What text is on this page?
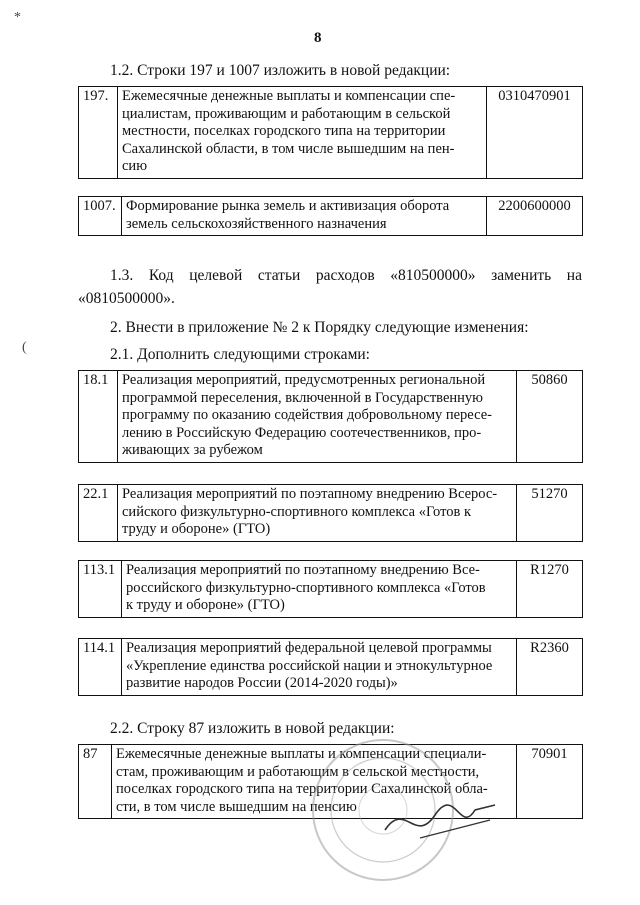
*
(
8
1.2. Строки 197 и 1007 изложить в новой редакции:
197.	Ежемесячные денежные выплаты и компенсации спе-
циалистам, проживающим и работающим в сельской
местности, поселках городского типа на территории
Сахалинской области, в том числе вышедшим на пен-
сию
	0310470901
1007.	Формирование рынка земель и активизация оборота
земель сельскохозяйственного назначения
	2200600000
1.3. Код целевой статьи расходов «810500000» заменить на
«0810500000».
2. Внести в приложение № 2 к Порядку следующие изменения:
2.1. Дополнить следующими строками:
18.1	Реализация мероприятий, предусмотренных региональной
программой переселения, включенной в Государственную
программу по оказанию содействия добровольному пересе-
лению в Российскую Федерацию соотечественников, про-
живающих за рубежом
	50860
22.1	Реализация мероприятий по поэтапному внедрению Всерос-
сийского физкультурно-спортивного комплекса «Готов к
труду и обороне» (ГТО)
	51270
113.1	Реализация мероприятий по поэтапному внедрению Все-
российского физкультурно-спортивного комплекса «Готов
к труду и обороне» (ГТО)
	R1270
114.1	Реализация мероприятий федеральной целевой программы
«Укрепление единства российской нации и этнокультурное
развитие народов России (2014-2020 годы)»
	R2360
2.2. Строку 87 изложить в новой редакции:
87	Ежемесячные денежные выплаты и компенсации специали-
стам, проживающим и работающим в сельской местности,
поселках городского типа на территории Сахалинской обла-
сти, в том числе вышедшим на пенсию
	70901
